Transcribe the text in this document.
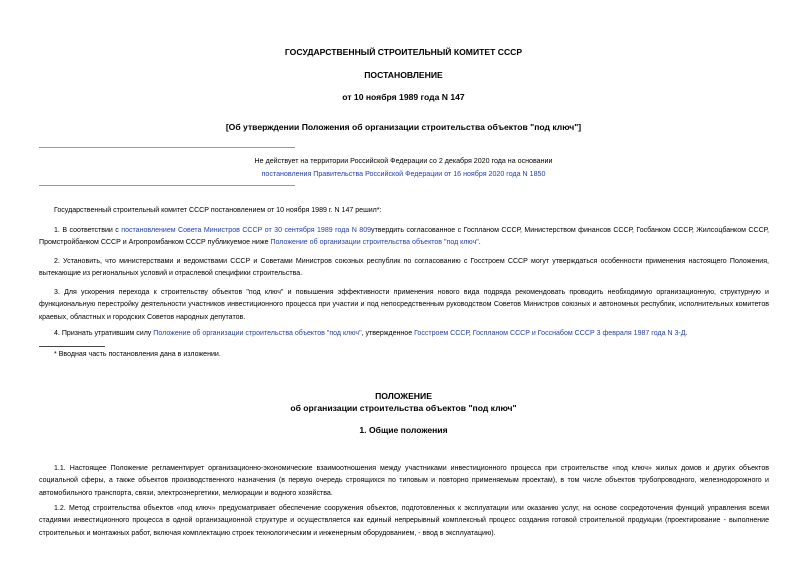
ГОСУДАРСТВЕННЫЙ СТРОИТЕЛЬНЫЙ КОМИТЕТ СССР
ПОСТАНОВЛЕНИЕ
от 10 ноября 1989 года N 147
[Об утверждении Положения об организации строительства объектов "под ключ"]
Не действует на территории Российской Федерации со 2 декабря 2020 года на основании
постановления Правительства Российской Федерации от 16 ноября 2020 года N 1850
Государственный строительный комитет СССР постановлением от 10 ноября 1989 г. N 147 решил*:
1. В соответствии с постановлением Совета Министров СССР от 30 сентября 1989 года N 809утвердить согласованное с Госпланом СССР, Министерством финансов СССР, Госбанком СССР, Жилсоцбанком СССР, Промстройбанком СССР и Агропромбанком СССР публикуемое ниже Положение об организации строительства объектов "под ключ".
2. Установить, что министерствами и ведомствами СССР и Советами Министров союзных республик по согласованию с Госстроем СССР могут утверждаться особенности применения настоящего Положения, вытекающие из региональных условий и отраслевой специфики строительства.
3. Для ускорения перехода к строительству объектов "под ключ" и повышения эффективности применения нового вида подряда рекомендовать проводить необходимую организационную, структурную и функциональную перестройку деятельности участников инвестиционного процесса при участии и под непосредственным руководством Советов Министров союзных и автономных республик, исполнительных комитетов краевых, областных и городских Советов народных депутатов.
4. Признать утратившим силу Положение об организации строительства объектов "под ключ", утвержденное Госстроем СССР, Госпланом СССР и Госснабом СССР 3 февраля 1987 года N 3-Д.
* Вводная часть постановления дана в изложении.
ПОЛОЖЕНИЕ
об организации строительства объектов "под ключ"
1. Общие положения
1.1. Настоящее Положение регламентирует организационно-экономические взаимоотношения между участниками инвестиционного процесса при строительстве «под ключ» жилых домов и других объектов социальной сферы, а также объектов производственного назначения (в первую очередь строящихся по типовым и повторно применяемым проектам), в том числе объектов трубопроводного, железнодорожного и автомобильного транспорта, связи, электроэнергетики, мелиорации и водного хозяйства.
1.2. Метод строительства объектов «под ключ» предусматривает обеспечение сооружения объектов, подготовленных к эксплуатации или оказанию услуг, на основе сосредоточения функций управления всеми стадиями инвестиционного процесса в одной организационной структуре и осуществляется как единый непрерывный комплексный процесс создания готовой строительной продукции (проектирование - выполнение строительных и монтажных работ, включая комплектацию строек технологическим и инженерным оборудованием, - ввод в эксплуатацию).
